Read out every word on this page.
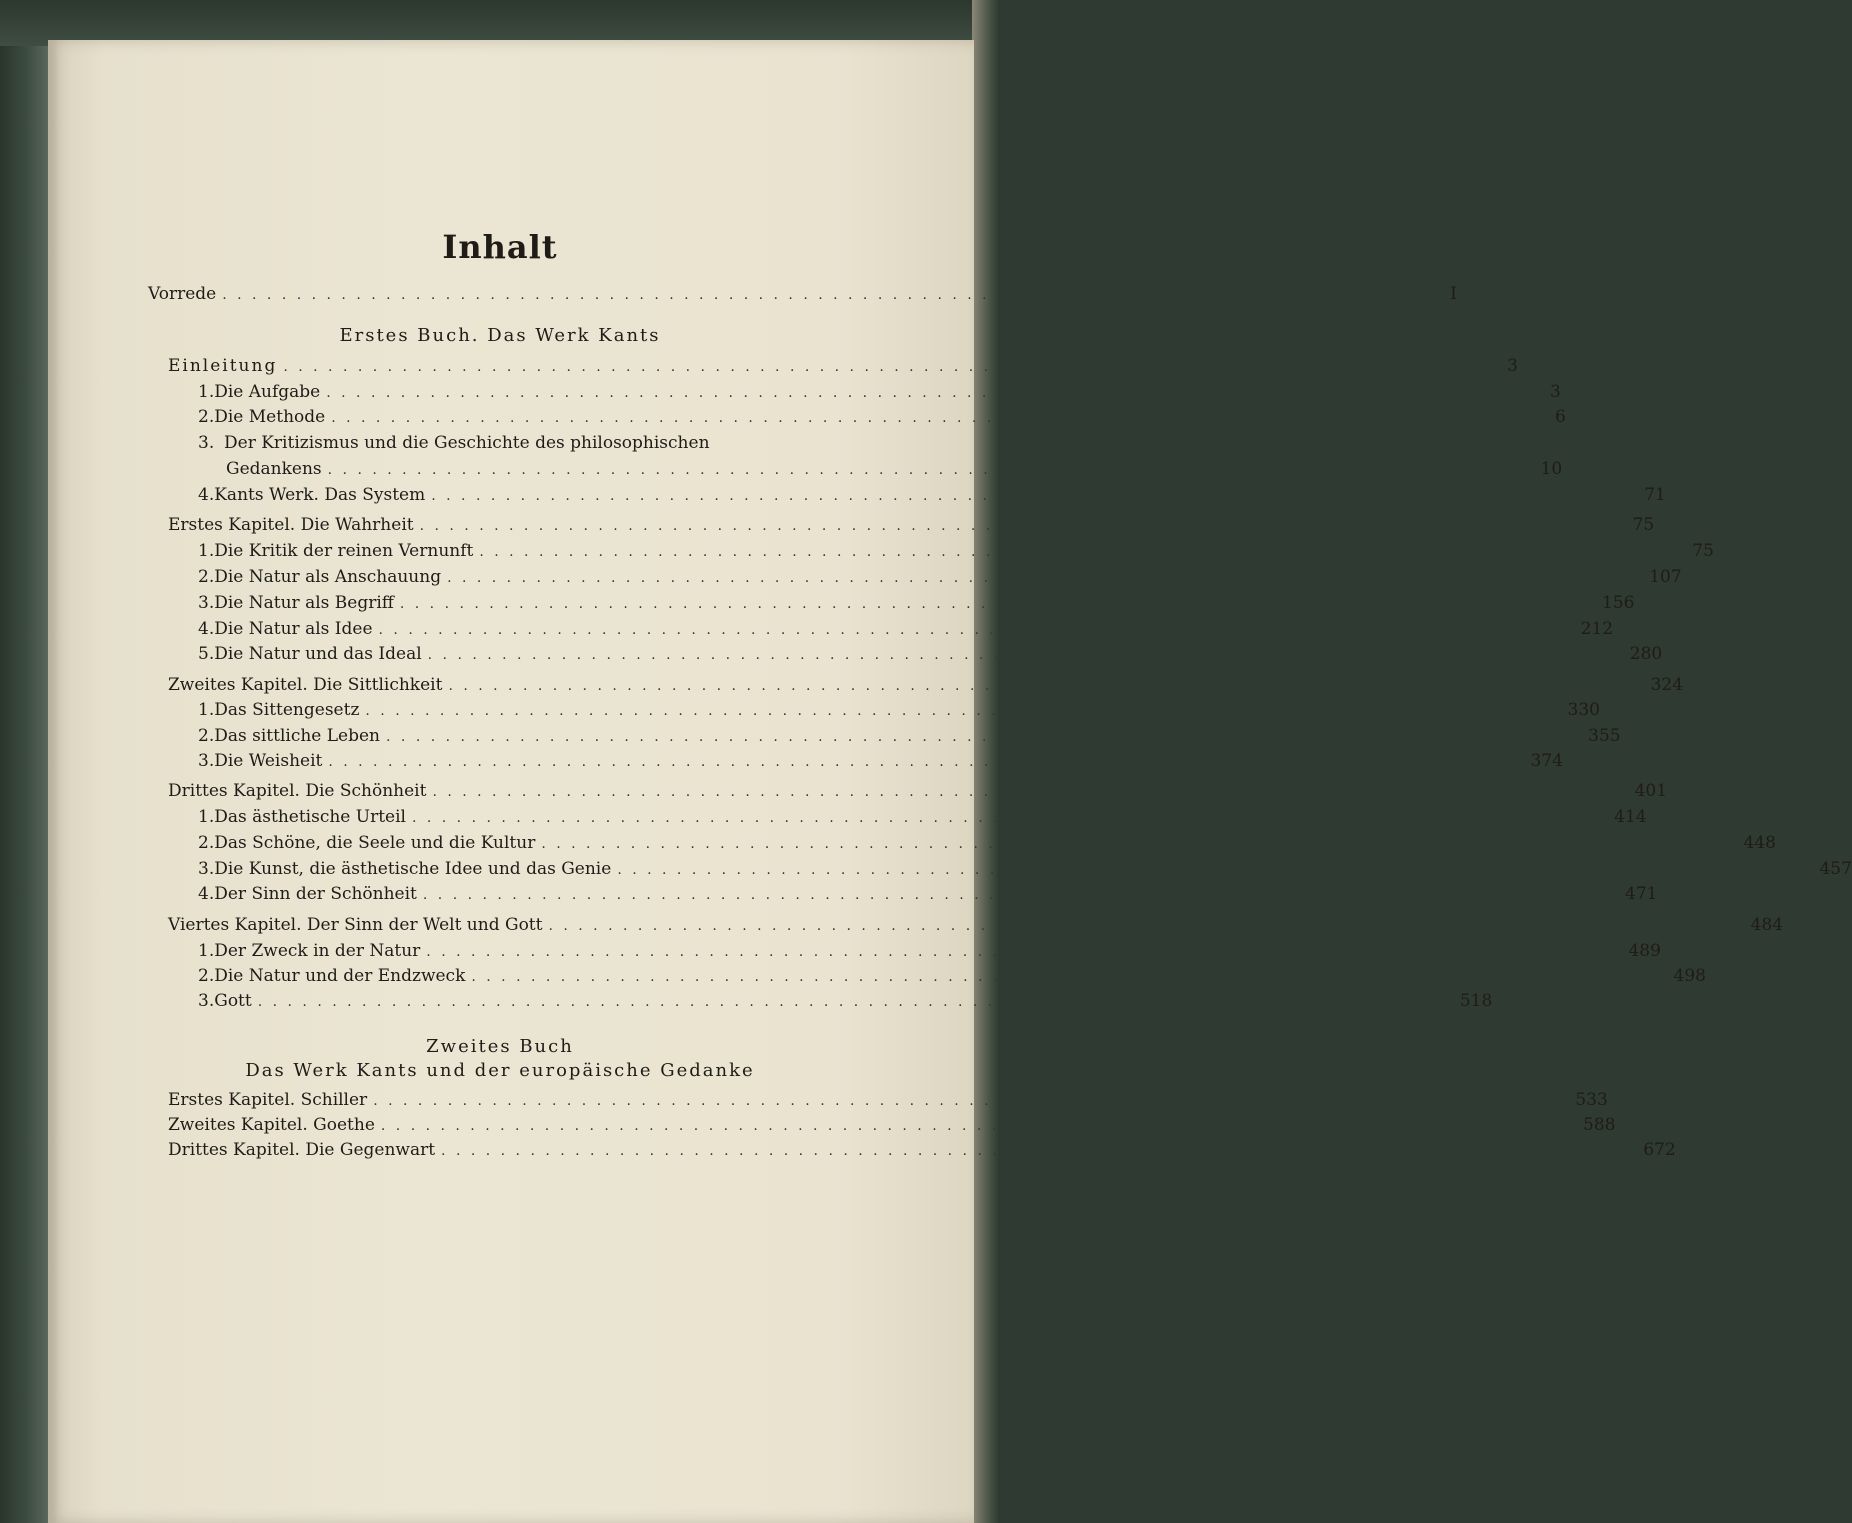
Inhalt
Vorrede . . . . . . . . . . . . . . . . . . . . . . . . . . . . . . . . . . . . . . . . . . . . . . . . . . . . . . . . . . . . . . . . . . . . . . . . . . . . . . . .	I
Erstes Buch. Das Werk Kants
Einleitung . . . . . . . . . . . . . . . . . . . . . . . . . . . . . . . . . . . . . . . . . . . . . . . . . . . . . . . . . . . . . . . . . . . . . . . . . . . . . . . .	3
1. Die Aufgabe . . . . . . . . . . . . . . . . . . . . . . . . . . . . . . . . . . . . . . . . . . . . . . . . . . . . . . . . . . . . . . . . . . . . . . . . . . . . . . . .	3
2. Die Methode . . . . . . . . . . . . . . . . . . . . . . . . . . . . . . . . . . . . . . . . . . . . . . . . . . . . . . . . . . . . . . . . . . . . . . . . . . . . . . . .	6
3. Der Kritizismus und die Geschichte des philosophischen
Gedankens . . . . . . . . . . . . . . . . . . . . . . . . . . . . . . . . . . . . . . . . . . . . . . . . . . . . . . . . . . . . . . . . . . . . . . . . . . . . . . . .	10
4. Kants Werk. Das System . . . . . . . . . . . . . . . . . . . . . . . . . . . . . . . . . . . . . . . . . . . . . . . . . . . . . . . . . . . . . . . . . . . . . . . . . . . . . . . .	71
Erstes Kapitel. Die Wahrheit . . . . . . . . . . . . . . . . . . . . . . . . . . . . . . . . . . . . . . . . . . . . . . . . . . . . . . . . . . . . . . . . . . . . . . . . . . . . . . . .	75
1. Die Kritik der reinen Vernunft . . . . . . . . . . . . . . . . . . . . . . . . . . . . . . . . . . . . . . . . . . . . . . . . . . . . . . . . . . . . . . . . . . . . . . . . . . . . . . . .	75
2. Die Natur als Anschauung . . . . . . . . . . . . . . . . . . . . . . . . . . . . . . . . . . . . . . . . . . . . . . . . . . . . . . . . . . . . . . . . . . . . . . . . . . . . . . . .	107
3. Die Natur als Begriff . . . . . . . . . . . . . . . . . . . . . . . . . . . . . . . . . . . . . . . . . . . . . . . . . . . . . . . . . . . . . . . . . . . . . . . . . . . . . . . .	156
4. Die Natur als Idee . . . . . . . . . . . . . . . . . . . . . . . . . . . . . . . . . . . . . . . . . . . . . . . . . . . . . . . . . . . . . . . . . . . . . . . . . . . . . . . .	212
5. Die Natur und das Ideal . . . . . . . . . . . . . . . . . . . . . . . . . . . . . . . . . . . . . . . . . . . . . . . . . . . . . . . . . . . . . . . . . . . . . . . . . . . . . . . .	280
Zweites Kapitel. Die Sittlichkeit . . . . . . . . . . . . . . . . . . . . . . . . . . . . . . . . . . . . . . . . . . . . . . . . . . . . . . . . . . . . . . . . . . . . . . . . . . . . . . . .	324
1. Das Sittengesetz . . . . . . . . . . . . . . . . . . . . . . . . . . . . . . . . . . . . . . . . . . . . . . . . . . . . . . . . . . . . . . . . . . . . . . . . . . . . . . . .	330
2. Das sittliche Leben . . . . . . . . . . . . . . . . . . . . . . . . . . . . . . . . . . . . . . . . . . . . . . . . . . . . . . . . . . . . . . . . . . . . . . . . . . . . . . . .	355
3. Die Weisheit . . . . . . . . . . . . . . . . . . . . . . . . . . . . . . . . . . . . . . . . . . . . . . . . . . . . . . . . . . . . . . . . . . . . . . . . . . . . . . . .	374
Drittes Kapitel. Die Schönheit . . . . . . . . . . . . . . . . . . . . . . . . . . . . . . . . . . . . . . . . . . . . . . . . . . . . . . . . . . . . . . . . . . . . . . . . . . . . . . . .	401
1. Das ästhetische Urteil . . . . . . . . . . . . . . . . . . . . . . . . . . . . . . . . . . . . . . . . . . . . . . . . . . . . . . . . . . . . . . . . . . . . . . . . . . . . . . . .	414
2. Das Schöne, die Seele und die Kultur . . . . . . . . . . . . . . . . . . . . . . . . . . . . . . . . . . . . . . . . . . . . . . . . . . . . . . . . . . . . . . . . . . . . . . . . . . . . . . . .	448
3. Die Kunst, die ästhetische Idee und das Genie . . . . . . . . . . . . . . . . . . . . . . . . . . . . . . . . . . . . . . . . . . . . . . . . . . . . . . . . . . . . . . . . . . . . . . . . . . . . . . . .	457
4. Der Sinn der Schönheit . . . . . . . . . . . . . . . . . . . . . . . . . . . . . . . . . . . . . . . . . . . . . . . . . . . . . . . . . . . . . . . . . . . . . . . . . . . . . . . .	471
Viertes Kapitel. Der Sinn der Welt und Gott . . . . . . . . . . . . . . . . . . . . . . . . . . . . . . . . . . . . . . . . . . . . . . . . . . . . . . . . . . . . . . . . . . . . . . . . . . . . . . . .	484
1. Der Zweck in der Natur . . . . . . . . . . . . . . . . . . . . . . . . . . . . . . . . . . . . . . . . . . . . . . . . . . . . . . . . . . . . . . . . . . . . . . . . . . . . . . . .	489
2. Die Natur und der Endzweck . . . . . . . . . . . . . . . . . . . . . . . . . . . . . . . . . . . . . . . . . . . . . . . . . . . . . . . . . . . . . . . . . . . . . . . . . . . . . . . .	498
3. Gott . . . . . . . . . . . . . . . . . . . . . . . . . . . . . . . . . . . . . . . . . . . . . . . . . . . . . . . . . . . . . . . . . . . . . . . . . . . . . . . .	518
Zweites Buch
Das Werk Kants und der europäische Gedanke
Erstes Kapitel. Schiller . . . . . . . . . . . . . . . . . . . . . . . . . . . . . . . . . . . . . . . . . . . . . . . . . . . . . . . . . . . . . . . . . . . . . . . . . . . . . . . .	533
Zweites Kapitel. Goethe . . . . . . . . . . . . . . . . . . . . . . . . . . . . . . . . . . . . . . . . . . . . . . . . . . . . . . . . . . . . . . . . . . . . . . . . . . . . . . . .	588
Drittes Kapitel. Die Gegenwart . . . . . . . . . . . . . . . . . . . . . . . . . . . . . . . . . . . . . . . . . . . . . . . . . . . . . . . . . . . . . . . . . . . . . . . . . . . . . . . .	672
